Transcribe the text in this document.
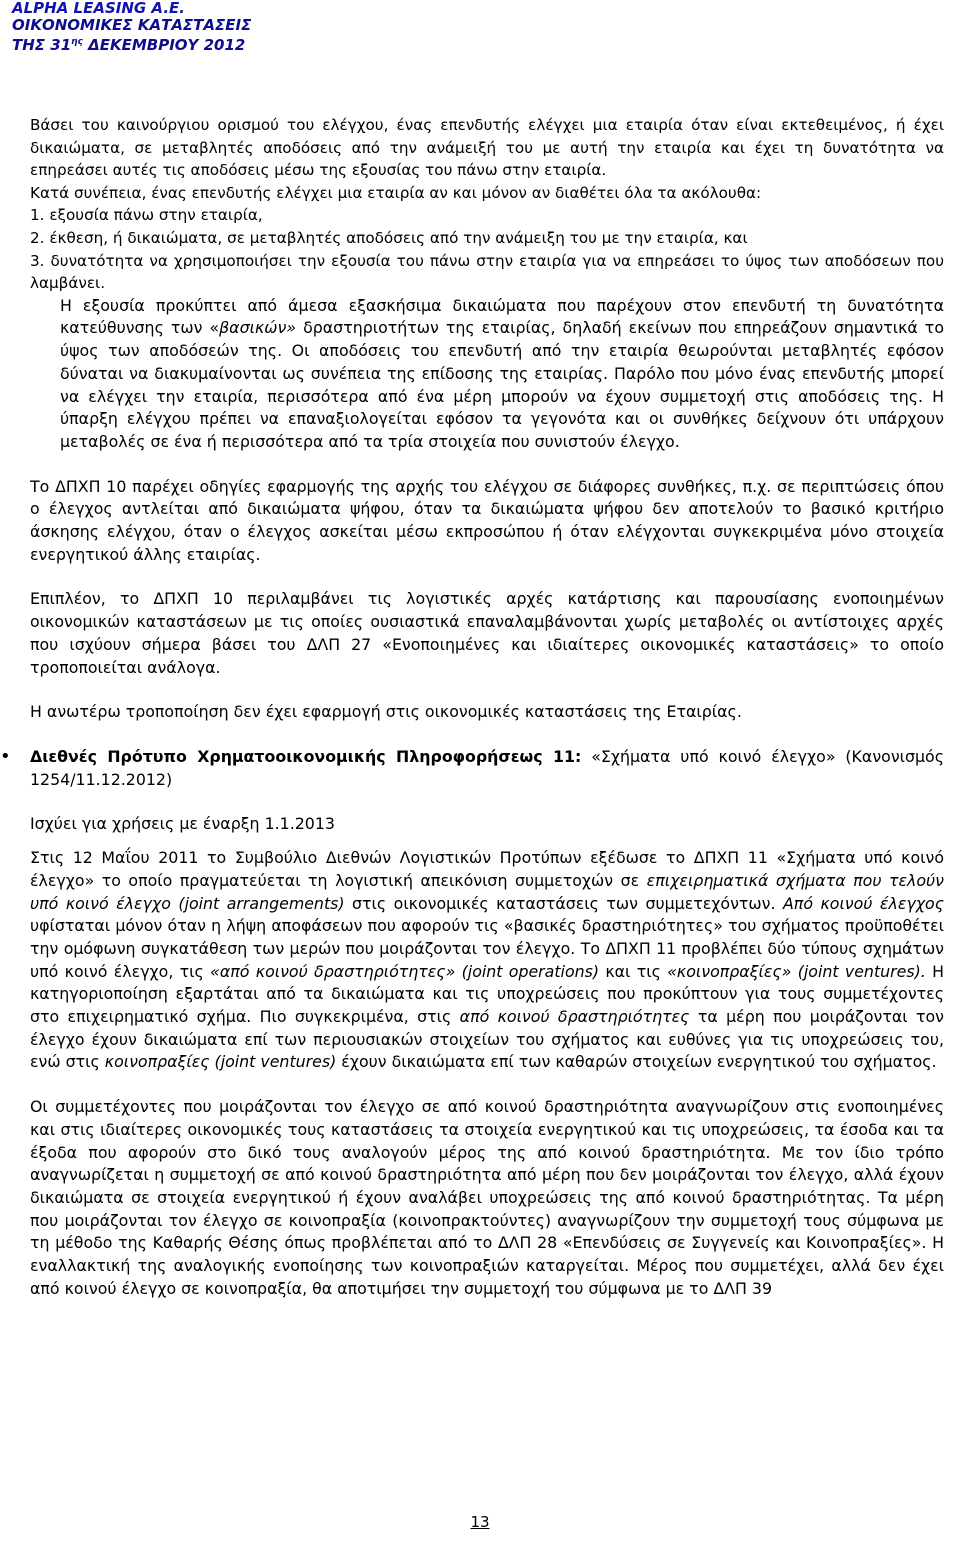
ALPHA LEASING A.E.
ΟΙΚΟΝΟΜΙΚΕΣ ΚΑΤΑΣΤΑΣΕΙΣ
ΤΗΣ $31^{\eta\varsigma}$ ΔΕΚΕΜΒΡΙΟΥ 2012

Βάσει του καινούργιου ορισμού του ελέγχου, ένας επενδυτής ελέγχει μια εταιρία όταν είναι εκτεθειμένος, ή έχει δικαιώματα, σε μεταβλητές αποδόσεις από την ανάμειξή του με αυτή την εταιρία και έχει τη δυνατότητα να επηρεάσει αυτές τις αποδόσεις μέσω της εξουσίας του πάνω στην εταιρία.

Κατά συνέπεια, ένας επενδυτής ελέγχει μια εταιρία αν και μόνον αν διαθέτει όλα τα ακόλουθα:

1. εξουσία πάνω στην εταιρία,

2. έκθεση, ή δικαιώματα, σε μεταβλητές αποδόσεις από την ανάμειξη του με την εταιρία, και

3. δυνατότητα να χρησιμοποιήσει την εξουσία του πάνω στην εταιρία για να επηρεάσει το ύψος των αποδόσεων που λαμβάνει.

Η εξουσία προκύπτει από άμεσα εξασκήσιμα δικαιώματα που παρέχουν στον επενδυτή τη δυνατότητα κατεύθυνσης των «βασικών» δραστηριοτήτων της εταιρίας, δηλαδή εκείνων που επηρεάζουν σημαντικά το ύψος των αποδόσεών της. Οι αποδόσεις του επενδυτή από την εταιρία θεωρούνται μεταβλητές εφόσον δύναται να διακυμαίνονται ως συνέπεια της επίδοσης της εταιρίας. Παρόλο που μόνο ένας επενδυτής μπορεί να ελέγχει την εταιρία, περισσότερα από ένα μέρη μπορούν να έχουν συμμετοχή στις αποδόσεις της. Η ύπαρξη ελέγχου πρέπει να επαναξιολογείται εφόσον τα γεγονότα και οι συνθήκες δείχνουν ότι υπάρχουν μεταβολές σε ένα ή περισσότερα από τα τρία στοιχεία που συνιστούν έλεγχο.

Το ΔΠΧΠ 10 παρέχει οδηγίες εφαρμογής της αρχής του ελέγχου σε διάφορες συνθήκες, π.χ. σε περιπτώσεις όπου ο έλεγχος αντλείται από δικαιώματα ψήφου, όταν τα δικαιώματα ψήφου δεν αποτελούν το βασικό κριτήριο άσκησης ελέγχου, όταν ο έλεγχος ασκείται μέσω εκπροσώπου ή όταν ελέγχονται συγκεκριμένα μόνο στοιχεία ενεργητικού άλλης εταιρίας.

Επιπλέον, το ΔΠΧΠ 10 περιλαμβάνει τις λογιστικές αρχές κατάρτισης και παρουσίασης ενοποιημένων οικονομικών καταστάσεων με τις οποίες ουσιαστικά επαναλαμβάνονται χωρίς μεταβολές οι αντίστοιχες αρχές που ισχύουν σήμερα βάσει του ΔΛΠ 27 «Ενοποιημένες και ιδιαίτερες οικονομικές καταστάσεις» το οποίο τροποποιείται ανάλογα.

Η ανωτέρω τροποποίηση δεν έχει εφαρμογή στις οικονομικές καταστάσεις της Εταιρίας.

• Διεθνές Πρότυπο Χρηματοοικονομικής Πληροφορήσεως 11: «Σχήματα υπό κοινό έλεγχο» (Κανονισμός 1254/11.12.2012)

Ισχύει για χρήσεις με έναρξη 1.1.2013

Στις 12 Μαΐου 2011 το Συμβούλιο Διεθνών Λογιστικών Προτύπων εξέδωσε το ΔΠΧΠ 11 «Σχήματα υπό κοινό έλεγχο» το οποίο πραγματεύεται τη λογιστική απεικόνιση συμμετοχών σε επιχειρηματικά σχήματα που τελούν υπό κοινό έλεγχο (joint arrangements) στις οικονομικές καταστάσεις των συμμετεχόντων. Από κοινού έλεγχος υφίσταται μόνον όταν η λήψη αποφάσεων που αφορούν τις «βασικές δραστηριότητες» του σχήματος προϋποθέτει την ομόφωνη συγκατάθεση των μερών που μοιράζονται τον έλεγχο. Το ΔΠΧΠ 11 προβλέπει δύο τύπους σχημάτων υπό κοινό έλεγχο, τις «από κοινού δραστηριότητες» (joint operations) και τις «κοινοπραξίες» (joint ventures). Η κατηγοριοποίηση εξαρτάται από τα δικαιώματα και τις υποχρεώσεις που προκύπτουν για τους συμμετέχοντες στο επιχειρηματικό σχήμα. Πιο συγκεκριμένα, στις από κοινού δραστηριότητες τα μέρη που μοιράζονται τον έλεγχο έχουν δικαιώματα επί των περιουσιακών στοιχείων του σχήματος και ευθύνες για τις υποχρεώσεις του, ενώ στις κοινοπραξίες (joint ventures) έχουν δικαιώματα επί των καθαρών στοιχείων ενεργητικού του σχήματος.

Οι συμμετέχοντες που μοιράζονται τον έλεγχο σε από κοινού δραστηριότητα αναγνωρίζουν στις ενοποιημένες και στις ιδιαίτερες οικονομικές τους καταστάσεις τα στοιχεία ενεργητικού και τις υποχρεώσεις, τα έσοδα και τα έξοδα που αφορούν στο δικό τους αναλογούν μέρος της από κοινού δραστηριότητα. Με τον ίδιο τρόπο αναγνωρίζεται η συμμετοχή σε από κοινού δραστηριότητα από μέρη που δεν μοιράζονται τον έλεγχο, αλλά έχουν δικαιώματα σε στοιχεία ενεργητικού ή έχουν αναλάβει υποχρεώσεις της από κοινού δραστηριότητας. Τα μέρη που μοιράζονται τον έλεγχο σε κοινοπραξία (κοινοπρακτούντες) αναγνωρίζουν την συμμετοχή τους σύμφωνα με τη μέθοδο της Καθαρής Θέσης όπως προβλέπεται από το ΔΛΠ 28 «Επενδύσεις σε Συγγενείς και Κοινοπραξίες». Η εναλλακτική της αναλογικής ενοποίησης των κοινοπραξιών καταργείται. Μέρος που συμμετέχει, αλλά δεν έχει από κοινού έλεγχο σε κοινοπραξία, θα αποτιμήσει την συμμετοχή του σύμφωνα με το ΔΛΠ 39

13
